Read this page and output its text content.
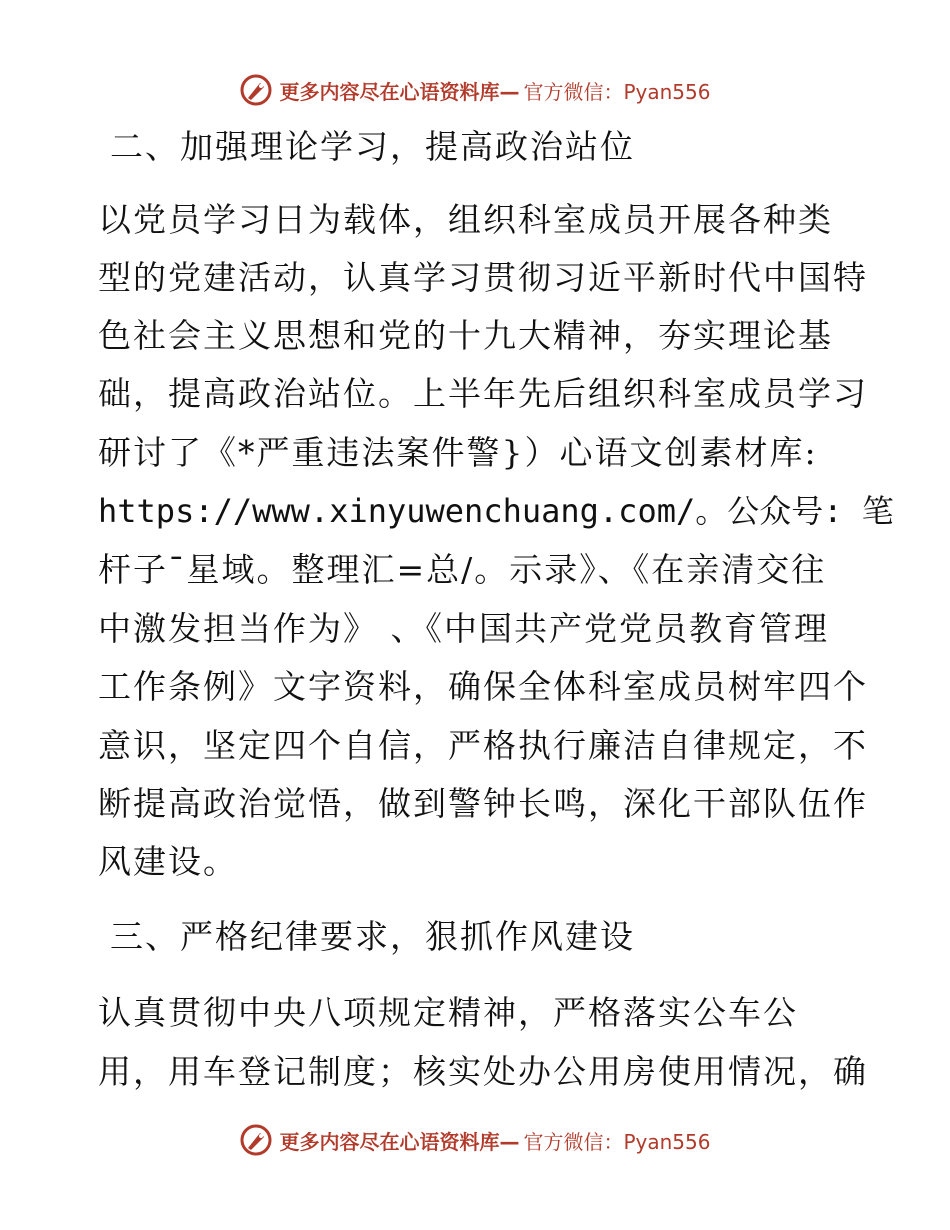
更多内容尽在心语资料库— 官方微信：Pyan556
二、加强理论学习，提高政治站位
以党员学习日为载体，组织科室成员开展各种类
型的党建活动，认真学习贯彻习近平新时代中国特
色社会主义思想和党的十九大精神，夯实理论基
础，提高政治站位。上半年先后组织科室成员学习
研讨了《*严重违法案件警}）心语文创素材库:
https://www.xinyuwenchuang.com/。公众号: 笔
杆子¯星域。整理汇=总/。示录》、《在亲清交往
中激发担当作为》 、《中国共产党党员教育管理
工作条例》文字资料，确保全体科室成员树牢四个
意识，坚定四个自信，严格执行廉洁自律规定，不
断提高政治觉悟，做到警钟长鸣，深化干部队伍作
风建设。
三、严格纪律要求，狠抓作风建设
认真贯彻中央八项规定精神，严格落实公车公
用，用车登记制度；核实处办公用房使用情况，确
更多内容尽在心语资料库— 官方微信：Pyan556
